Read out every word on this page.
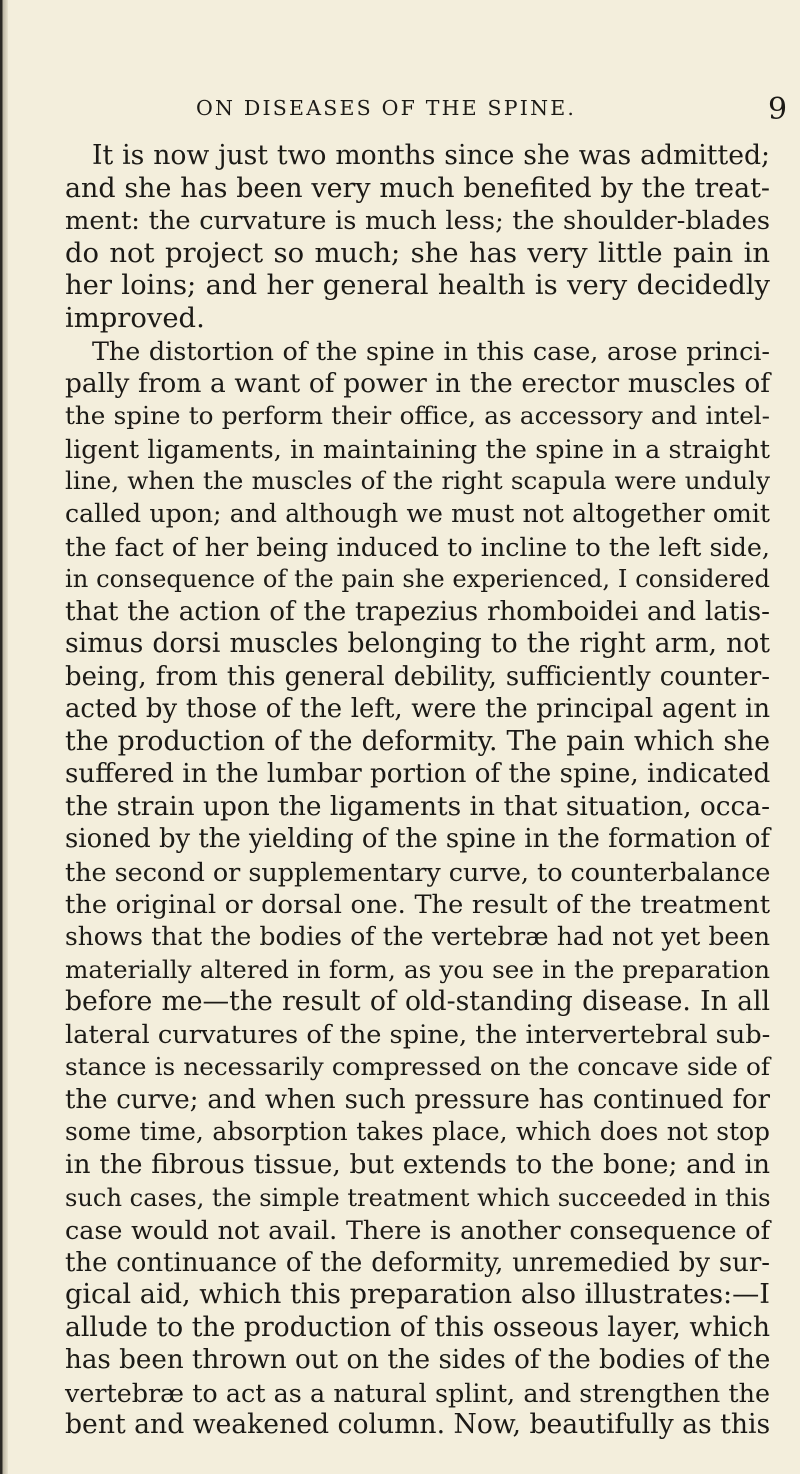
ON DISEASES OF THE SPINE.	9
It is now just two months since she was admitted;
and she has been very much benefited by the treat-
ment: the curvature is much less; the shoulder-blades
do not project so much; she has very little pain in
her loins; and her general health is very decidedly
improved.
The distortion of the spine in this case, arose princi-
pally from a want of power in the erector muscles of
the spine to perform their office, as accessory and intel-
ligent ligaments, in maintaining the spine in a straight
line, when the muscles of the right scapula were unduly
called upon; and although we must not altogether omit
the fact of her being induced to incline to the left side,
in consequence of the pain she experienced, I considered
that the action of the trapezius rhomboidei and latis-
simus dorsi muscles belonging to the right arm, not
being, from this general debility, sufficiently counter-
acted by those of the left, were the principal agent in
the production of the deformity. The pain which she
suffered in the lumbar portion of the spine, indicated
the strain upon the ligaments in that situation, occa-
sioned by the yielding of the spine in the formation of
the second or supplementary curve, to counterbalance
the original or dorsal one. The result of the treatment
shows that the bodies of the vertebræ had not yet been
materially altered in form, as you see in the preparation
before me—the result of old-standing disease. In all
lateral curvatures of the spine, the intervertebral sub-
stance is necessarily compressed on the concave side of
the curve; and when such pressure has continued for
some time, absorption takes place, which does not stop
in the fibrous tissue, but extends to the bone; and in
such cases, the simple treatment which succeeded in this
case would not avail. There is another consequence of
the continuance of the deformity, unremedied by sur-
gical aid, which this preparation also illustrates:—I
allude to the production of this osseous layer, which
has been thrown out on the sides of the bodies of the
vertebræ to act as a natural splint, and strengthen the
bent and weakened column. Now, beautifully as this
